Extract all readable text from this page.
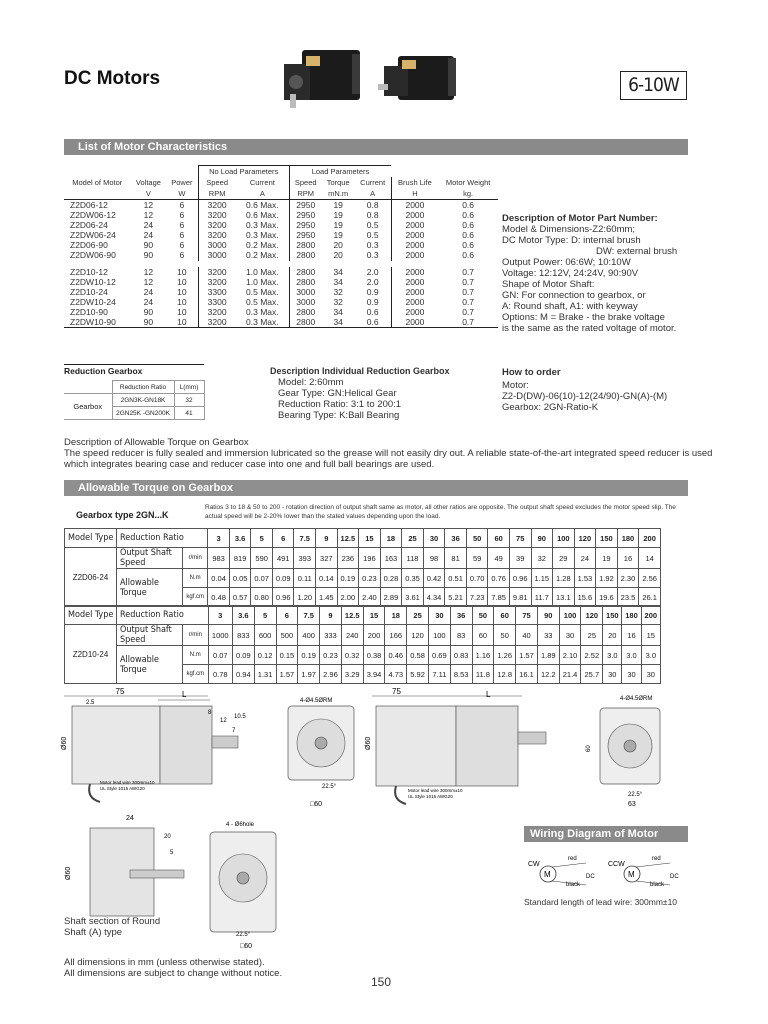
DC Motors	6-10W
List of Motor Characteristics
			No Load Parameters		Load Parameters				
Model of Motor	Voltage	Power	Speed	Current	Speed	Torque	Current	Brush Life	Motor Weight
	V	W	RPM	A	RPM	mN.m	A	H	kg.
Z2D06-12	12	6	3200	0.6 Max.	2950	19	0.8	2000	0.6
Z2DW06-12	12	6	3200	0.6 Max.	2950	19	0.8	2000	0.6
Z2D06-24	24	6	3200	0.3 Max.	2950	19	0.5	2000	0.6
Z2DW06-24	24	6	3200	0.3 Max.	2950	19	0.5	2000	0.6
Z2D06-90	90	6	3000	0.2 Max.	2800	20	0.3	2000	0.6
Z2DW06-90	90	6	3000	0.2 Max.	2800	20	0.3	2000	0.6

Z2D10-12	12	10	3200	1.0 Max.	2800	34	2.0	2000	0.7
Z2DW10-12	12	10	3200	1.0 Max.	2800	34	2.0	2000	0.7
Z2D10-24	24	10	3300	0.5 Max.	3000	32	0.9	2000	0.7
Z2DW10-24	24	10	3300	0.5 Max.	3000	32	0.9	2000	0.7
Z2D10-90	90	10	3200	0.3 Max.	2800	34	0.6	2000	0.7
Z2DW10-90	90	10	3200	0.3 Max.	2800	34	0.6	2000	0.7
Description of Motor Part Number:
Model & Dimensions-Z2:60mm;
DC Motor Type: D: internal brush
DW: external brush
Output Power: 06:6W; 10:10W
Voltage: 12:12V, 24:24V, 90:90V
Shape of Motor Shaft:
GN: For connection to gearbox, or
A: Round shaft, A1: with keyway
Options: M = Brake - the brake voltage
is the same as the rated voltage of motor.
How to order
Motor:
Z2-D(DW)-06(10)-12(24/90)-GN(A)-(M)
Gearbox: 2GN-Ratio-K
Reduction Gearbox
	Reduction Ratio	L(mm)
Gearbox	2GN3K-GN18K	32
	2GN25K -GN200K	41
Description Individual Reduction Gearbox
Model: 2:60mm
Gear Type: GN:Helical Gear
Reduction Ratio: 3:1 to 200:1
Bearing Type: K:Ball Bearing
Description of Allowable Torque on Gearbox
The speed reducer is fully sealed and immersion lubricated so the grease will not easily dry out. A reliable state-of-the-art integrated speed reducer is used which integrates bearing case and reducer case into one and full ball bearings are used.
Allowable Torque on Gearbox
Gearbox type 2GN...K
Ratios 3 to 18 & 50 to 200 - rotation direction of output shaft same as motor, all other ratios are opposite. The output shaft speed excludes the motor speed slip. The actual speed will be 2-20% lower than the stated values depending upon the load.
Model Type	Reduction Ratio		3	3.6	5	6	7.5	9	12.5	15	18	25	30	36	50	60	75	90	100	120	150	180	200
Z2D06-24	Output Shaft Speed	r/min	983	819	590	491	393	327	236	196	163	118	98	81	59	49	39	32	29	24	19	16	14
	Allowable Torque	N.m	0.04	0.05	0.07	0.09	0.11	0.14	0.19	0.23	0.28	0.35	0.42	0.51	0.70	0.76	0.96	1.15	1.28	1.53	1.92	2.30	2.56
		kgf.cm	0.48	0.57	0.80	0.96	1.20	1.45	2.00	2.40	2.89	3.61	4.34	5.21	7.23	7.85	9.81	11.7	13.1	15.6	19.6	23.5	26.1
Model Type	Reduction Ratio		3	3.6	5	6	7.5	9	12.5	15	18	25	30	36	50	60	75	90	100	120	150	180	200
Z2D10-24	Output Shaft Speed	r/min	1000	833	600	500	400	333	240	200	166	120	100	83	60	50	40	33	30	25	20	16	15
	Allowable Torque	N.m	0.07	0.09	0.12	0.15	0.19	0.23	0.32	0.38	0.46	0.58	0.69	0.83	1.16	1.26	1.57	1.89	2.10	2.52	3.0	3.0	3.0
		kgf.cm	0.78	0.94	1.31	1.57	1.97	2.96	3.29	3.94	4.73	5.92	7.11	8.53	11.8	12.8	16.1	12.2	21.4	25.7	30	30	30
75	L
Ø60
Motor lead wire 300mm±10
UL Style 1015 AWG20
2.5
8
12
7
10.5
4-Ø4.5ØRM
22.5°
□60
75	L
Ø60
Motor lead wire 300mm±10
UL Style 1015 AWG20
4-Ø4.5ØRM
60
22.5°
63
24
20
5
Ø60
Shaft section of Round
Shaft (A) type
4 - Ø6hole
22.5°
□60
Wiring Diagram of Motor
CW
M
red
black
DC
CCW
M
red
black
DC
Standard length of lead wire: 300mm±10
All dimensions in mm (unless otherwise stated).
All dimensions are subject to change without notice.
150
